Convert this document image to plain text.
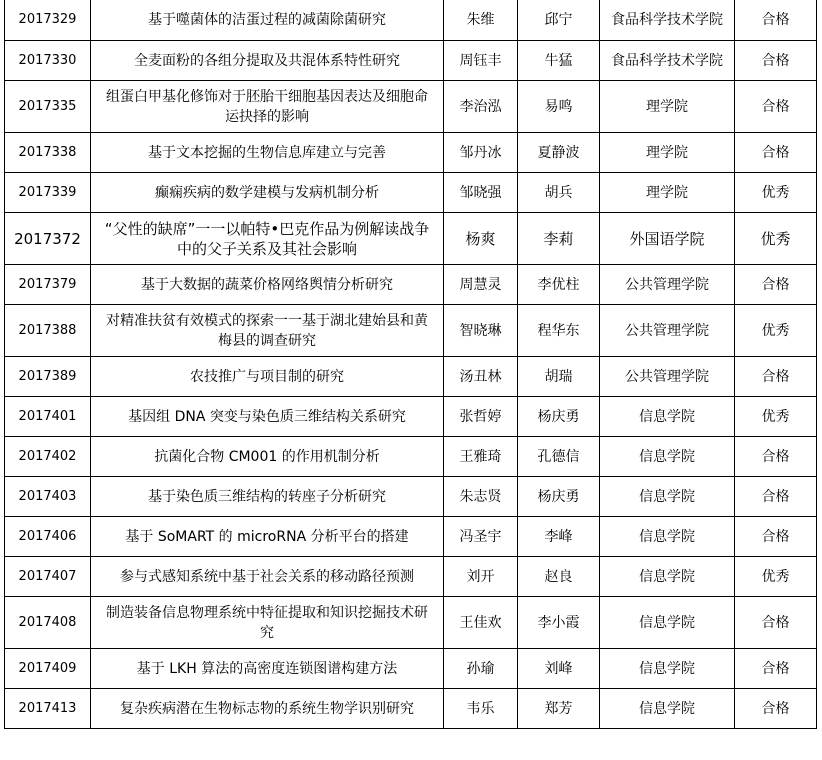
2017329	基于噬菌体的洁蛋过程的减菌除菌研究	朱维	邱宁	食品科学技术学院	合格
2017330	全麦面粉的各组分提取及共混体系特性研究	周钰丰	牛猛	食品科学技术学院	合格
2017335	组蛋白甲基化修饰对于胚胎干细胞基因表达及细胞命运抉择的影响	李治泓	易鸣	理学院	合格
2017338	基于文本挖掘的生物信息库建立与完善	邹丹冰	夏静波	理学院	合格
2017339	癫痫疾病的数学建模与发病机制分析	邹晓强	胡兵	理学院	优秀
2017372	“父性的缺席”一一以帕特•巴克作品为例解读战争中的父子关系及其社会影响	杨爽	李莉	外国语学院	优秀
2017379	基于大数据的蔬菜价格网络舆情分析研究	周慧灵	李优柱	公共管理学院	合格
2017388	对精准扶贫有效模式的探索一一基于湖北建始县和黄梅县的调查研究	智晓琳	程华东	公共管理学院	优秀
2017389	农技推广与项目制的研究	汤丑林	胡瑞	公共管理学院	合格
2017401	基因组 DNA 突变与染色质三维结构关系研究	张哲婷	杨庆勇	信息学院	优秀
2017402	抗菌化合物 CM001 的作用机制分析	王雅琦	孔德信	信息学院	合格
2017403	基于染色质三维结构的转座子分析研究	朱志贤	杨庆勇	信息学院	合格
2017406	基于 SoMART 的 microRNA 分析平台的搭建	冯圣宇	李峰	信息学院	合格
2017407	参与式感知系统中基于社会关系的移动路径预测	刘开	赵良	信息学院	优秀
2017408	制造装备信息物理系统中特征提取和知识挖掘技术研究	王佳欢	李小霞	信息学院	合格
2017409	基于 LKH 算法的高密度连锁图谱构建方法	孙瑜	刘峰	信息学院	合格
2017413	复杂疾病潜在生物标志物的系统生物学识别研究	韦乐	郑芳	信息学院	合格
